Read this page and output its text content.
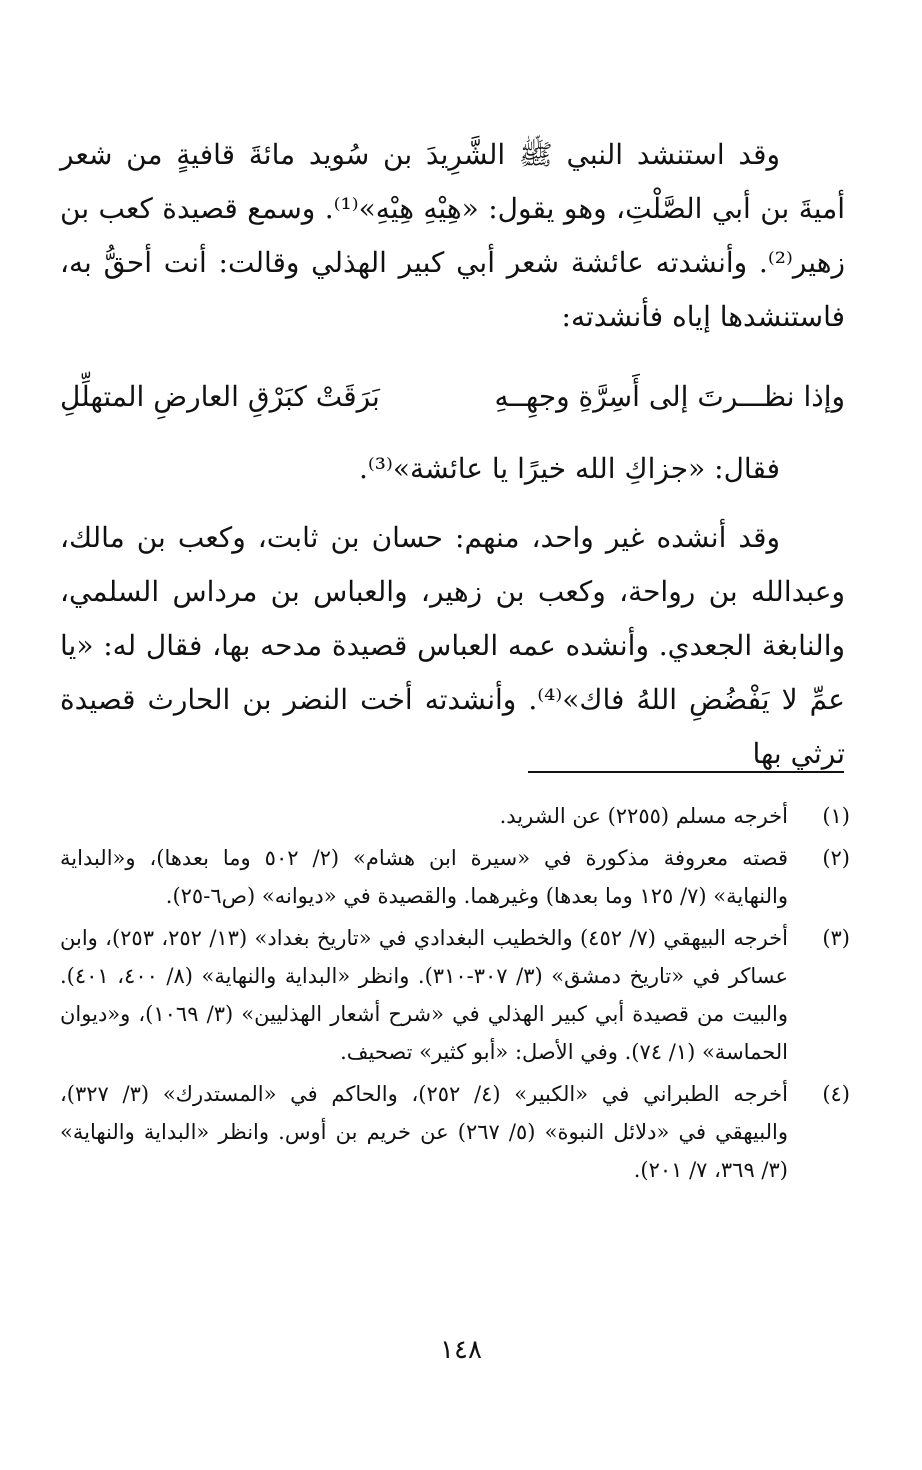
وقد استنشد النبي ﷺ الشَّرِيدَ بن سُويد مائةَ قافيةٍ من شعر أميةَ بن أبي الصَّلْتِ، وهو يقول: «هِيْهِ هِيْهِ»⁽¹⁾. وسمع قصيدة كعب بن زهير⁽²⁾. وأنشدته عائشة شعر أبي كبير الهذلي وقالت: أنت أحقُّ به، فاستنشدها إياه فأنشدته:

وإذا نظـــرتَ إلى أَسِرَّةِ وجهِــهِ
بَرَقَتْ كبَرْقِ العارضِ المتهلِّلِ

فقال: «جزاكِ الله خيرًا يا عائشة»⁽³⁾.

وقد أنشده غير واحد، منهم: حسان بن ثابت، وكعب بن مالك، وعبدالله بن رواحة، وكعب بن زهير، والعباس بن مرداس السلمي، والنابغة الجعدي. وأنشده عمه العباس قصيدة مدحه بها، فقال له: «يا عمِّ لا يَفْضُضِ اللهُ فاك»⁽⁴⁾. وأنشدته أخت النضر بن الحارث قصيدة ترثي بها

(١)
أخرجه مسلم (٢٢٥٥) عن الشريد.
(٢)
قصته معروفة مذكورة في «سيرة ابن هشام» (٢/ ٥٠٢ وما بعدها)، و«البداية والنهاية» (٧/ ١٢٥ وما بعدها) وغيرهما. والقصيدة في «ديوانه» (ص٦-٢٥).
(٣)
أخرجه البيهقي (٧/ ٤٥٢) والخطيب البغدادي في «تاريخ بغداد» (١٣/ ٢٥٢، ٢٥٣)، وابن عساكر في «تاريخ دمشق» (٣/ ٣٠٧-٣١٠). وانظر «البداية والنهاية» (٨/ ٤٠٠، ٤٠١). والبيت من قصيدة أبي كبير الهذلي في «شرح أشعار الهذليين» (٣/ ١٠٦٩)، و«ديوان الحماسة» (١/ ٧٤). وفي الأصل: «أبو كثير» تصحيف.
(٤)
أخرجه الطبراني في «الكبير» (٤/ ٢٥٢)، والحاكم في «المستدرك» (٣/ ٣٢٧)، والبيهقي في «دلائل النبوة» (٥/ ٢٦٧) عن خريم بن أوس. وانظر «البداية والنهاية» (٣/ ٣٦٩، ٧/ ٢٠١).
١٤٨
